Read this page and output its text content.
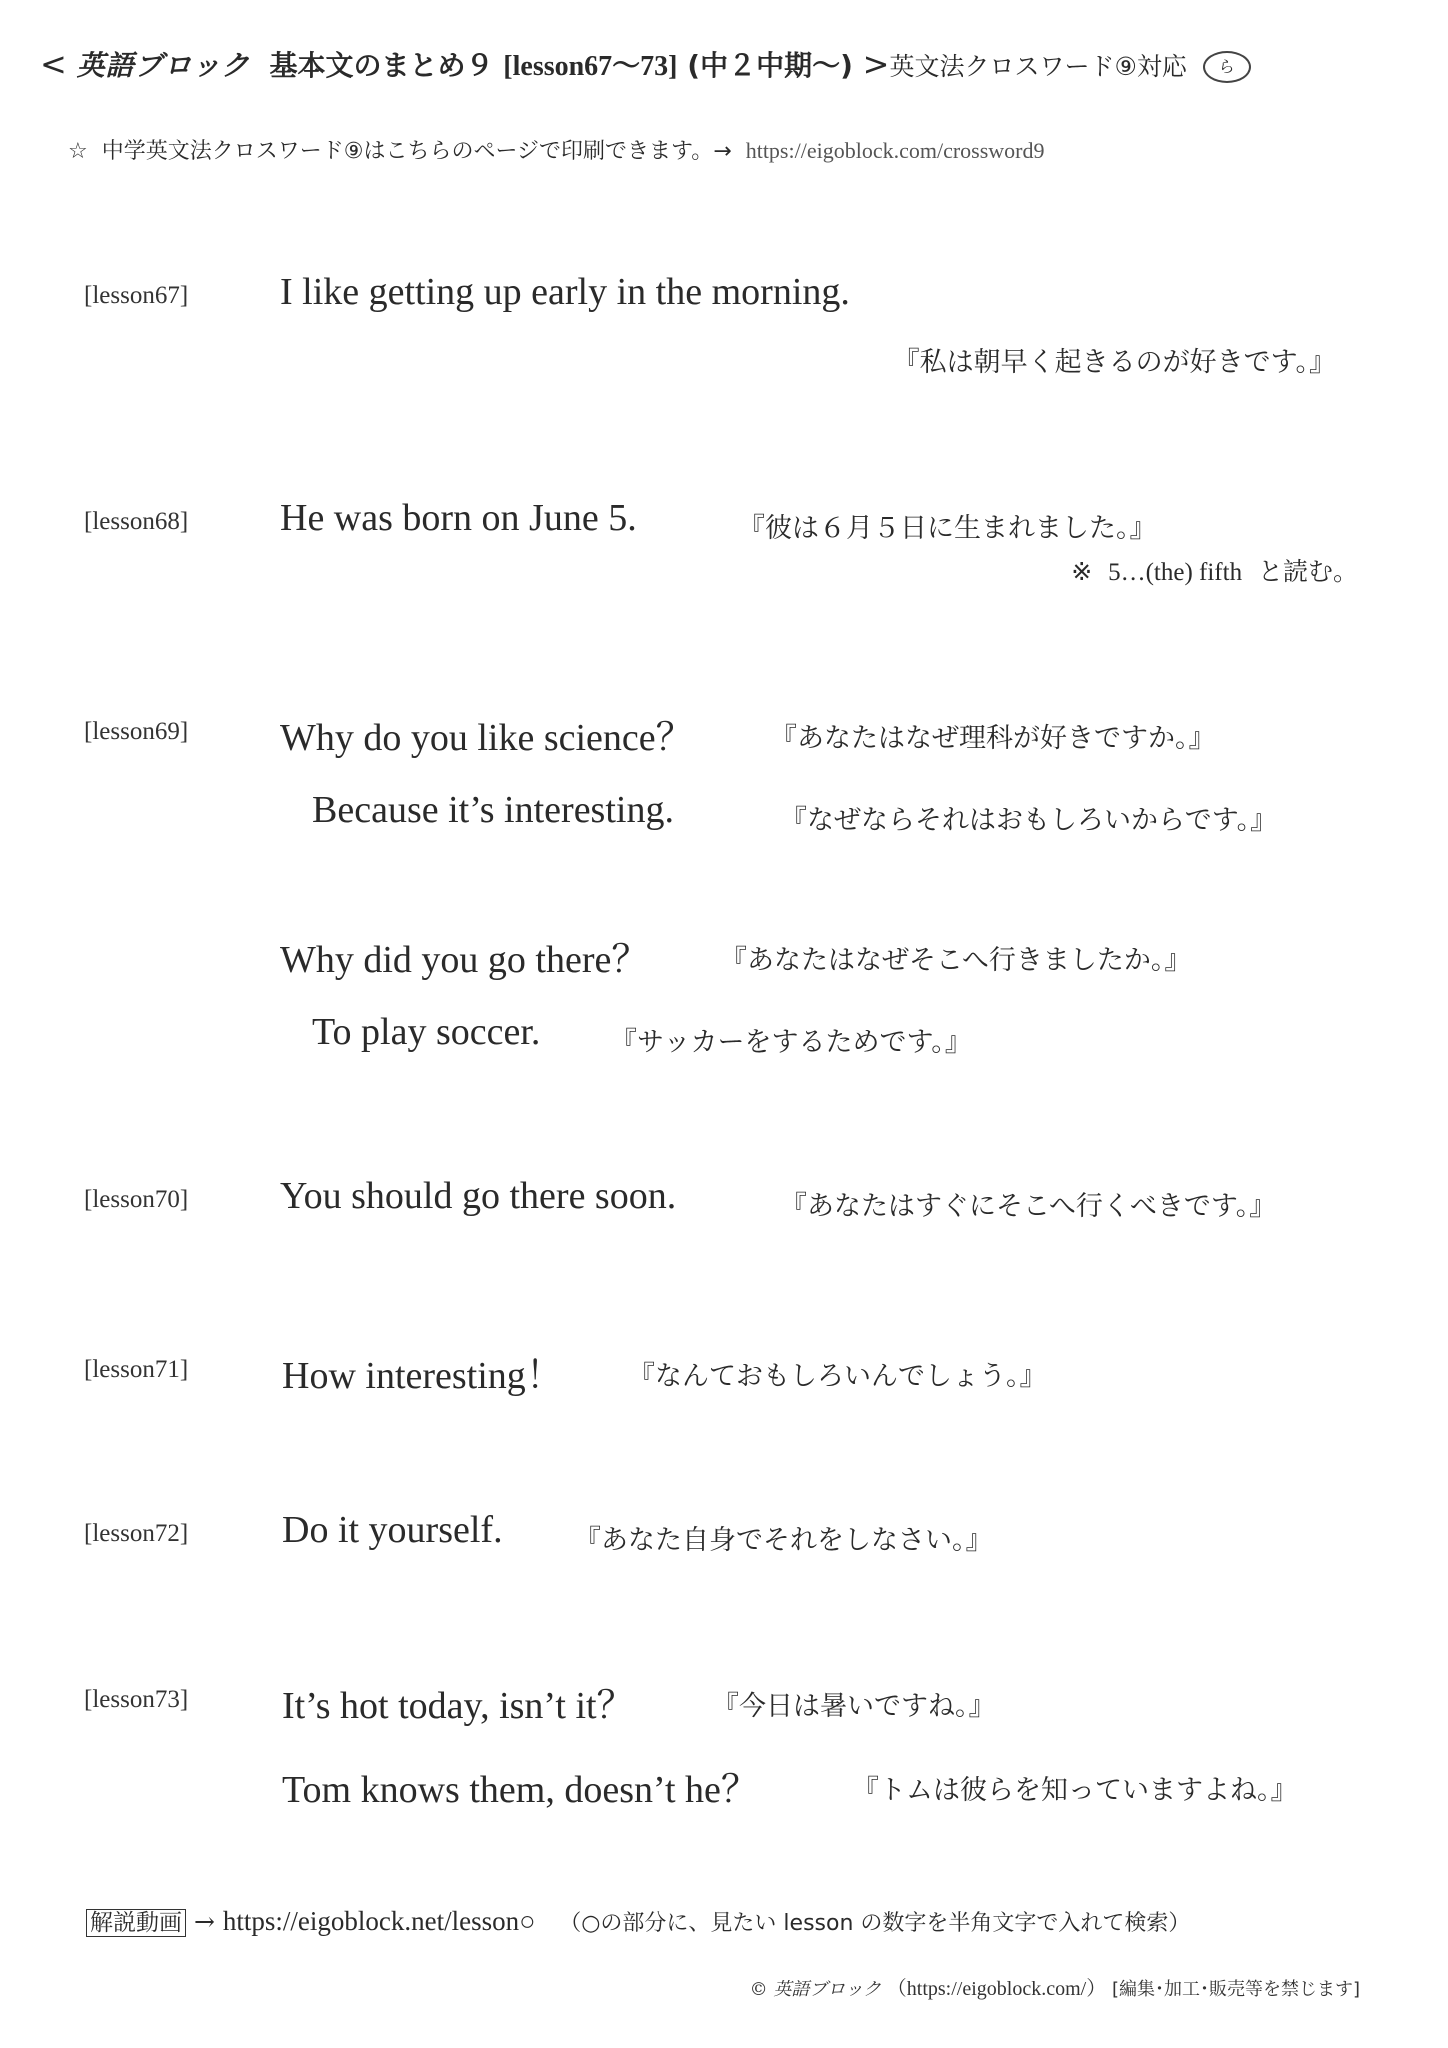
< 英語ブロック 基本文のまとめ９ [lesson67〜73] (中２中期〜) >英文法クロスワード⑨対応 ら
☆ 中学英文法クロスワード⑨はこちらのページで印刷できます。→ https://eigoblock.com/crossword9
[lesson67] I like getting up early in the morning.
『私は朝早く起きるのが好きです。』
[lesson68] He was born on June 5.	『彼は６月５日に生まれました。』
※ 5…(the) fifth と読む。
[lesson69] Why do you like science？	『あなたはなぜ理科が好きですか。』
Because it’s interesting.	『なぜならそれはおもしろいからです。』
Why did you go there？	『あなたはなぜそこへ行きましたか。』
To play soccer.	『サッカーをするためです。』
[lesson70] You should go there soon.	『あなたはすぐにそこへ行くべきです。』
[lesson71] How interesting！ 『なんておもしろいんでしょう。』
[lesson72] Do it yourself.	『あなた自身でそれをしなさい。』
[lesson73] It’s hot today, isn’t it？	『今日は暑いですね。』
Tom knows them, doesn’t he？	『トムは彼らを知っていますよね。』
解説動画 → https://eigoblock.net/lesson○ （○の部分に、見たい lesson の数字を半角文字で入れて検索）
© 英語ブロック （https://eigoblock.com/） [編集･加工･販売等を禁じます]
